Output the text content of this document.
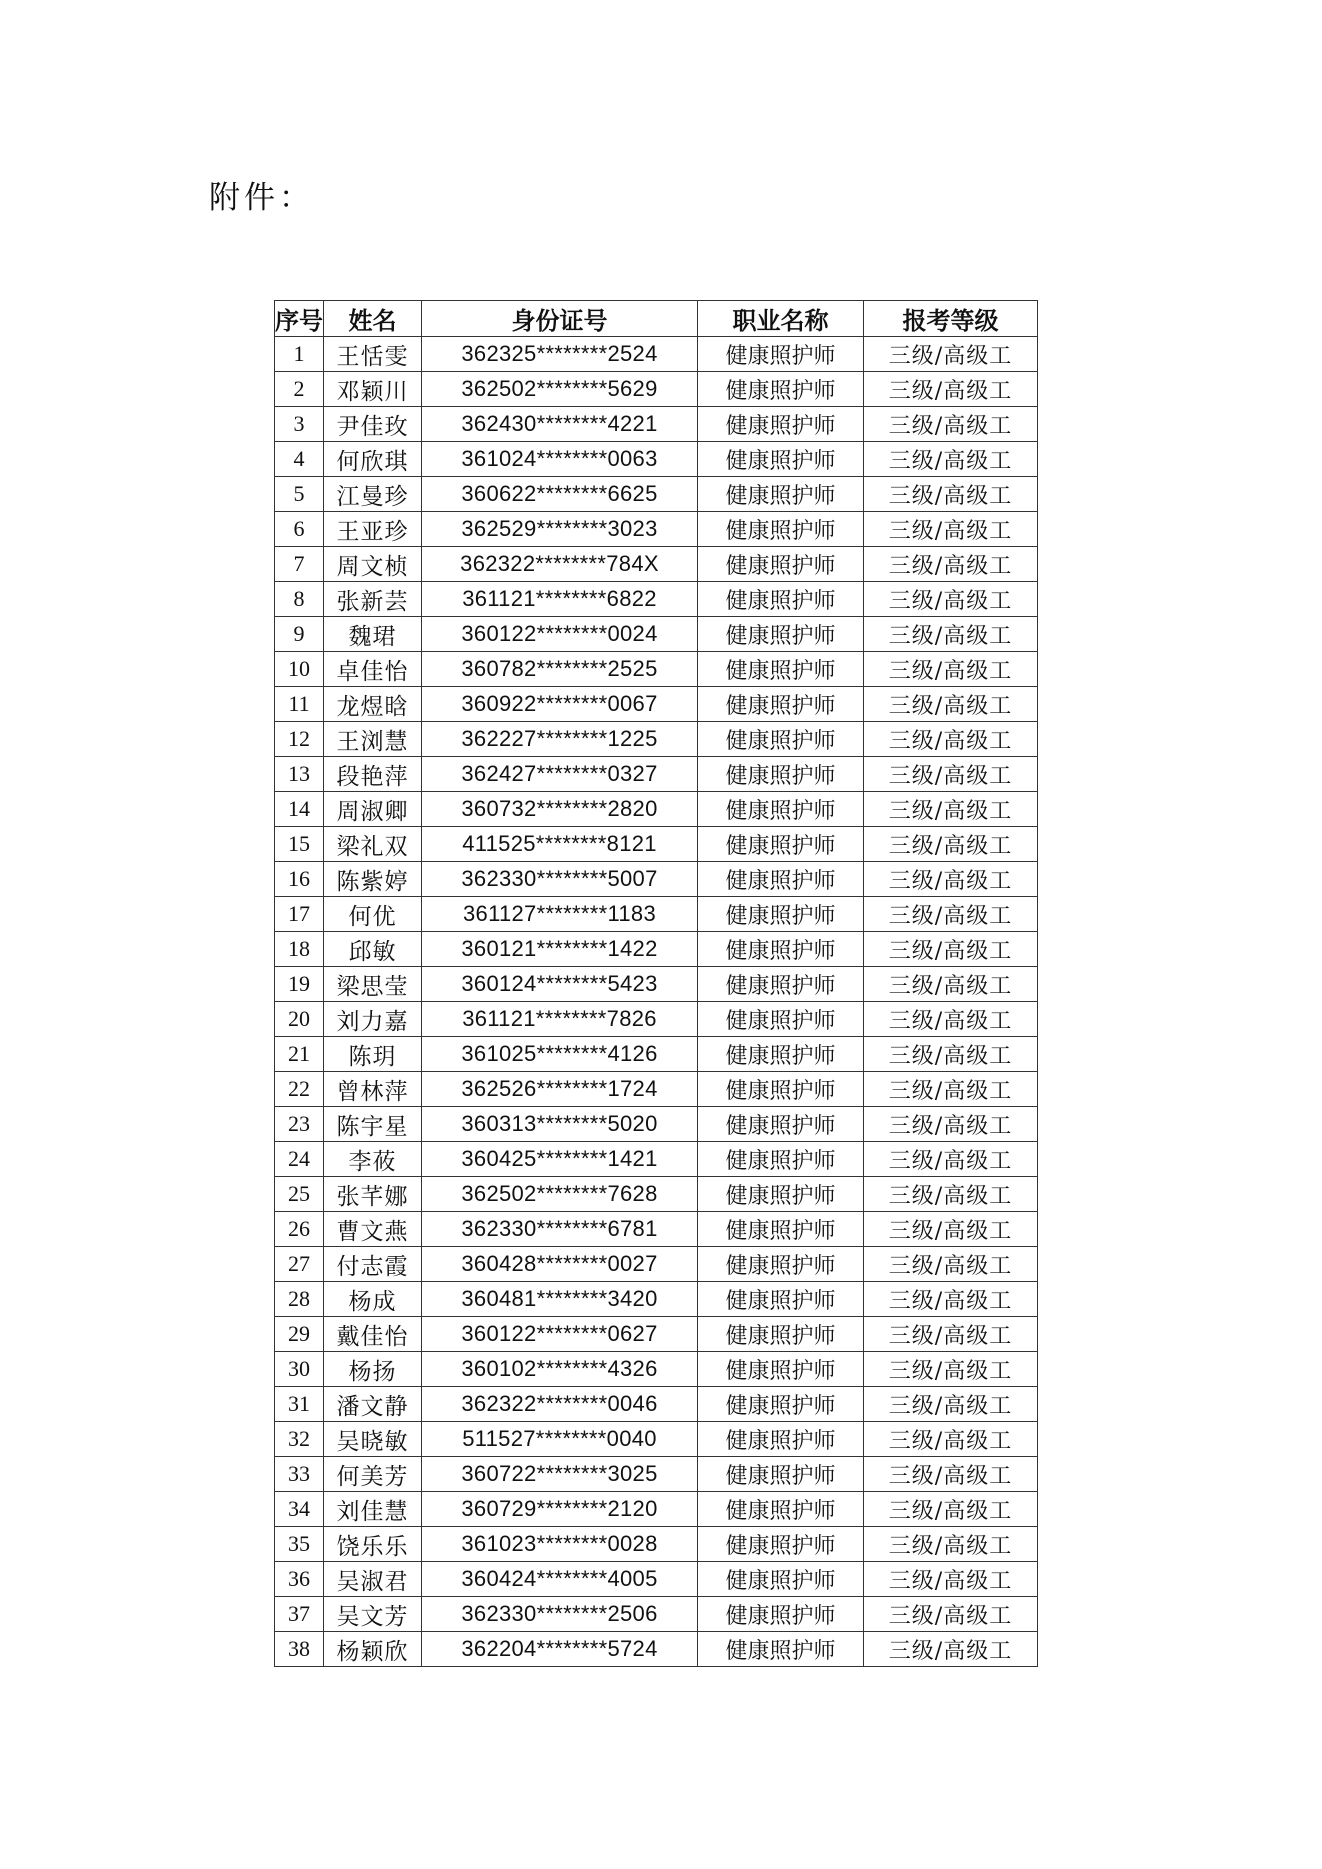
附件：
序号	姓名	身份证号	职业名称	报考等级
1	王恬雯	362325********2524	健康照护师	三级/高级工
2	邓颖川	362502********5629	健康照护师	三级/高级工
3	尹佳玫	362430********4221	健康照护师	三级/高级工
4	何欣琪	361024********0063	健康照护师	三级/高级工
5	江曼珍	360622********6625	健康照护师	三级/高级工
6	王亚珍	362529********3023	健康照护师	三级/高级工
7	周文桢	362322********784X	健康照护师	三级/高级工
8	张新芸	361121********6822	健康照护师	三级/高级工
9	魏珺	360122********0024	健康照护师	三级/高级工
10	卓佳怡	360782********2525	健康照护师	三级/高级工
11	龙煜晗	360922********0067	健康照护师	三级/高级工
12	王浏慧	362227********1225	健康照护师	三级/高级工
13	段艳萍	362427********0327	健康照护师	三级/高级工
14	周淑卿	360732********2820	健康照护师	三级/高级工
15	梁礼双	411525********8121	健康照护师	三级/高级工
16	陈紫婷	362330********5007	健康照护师	三级/高级工
17	何优	361127********1183	健康照护师	三级/高级工
18	邱敏	360121********1422	健康照护师	三级/高级工
19	梁思莹	360124********5423	健康照护师	三级/高级工
20	刘力嘉	361121********7826	健康照护师	三级/高级工
21	陈玥	361025********4126	健康照护师	三级/高级工
22	曾林萍	362526********1724	健康照护师	三级/高级工
23	陈宇星	360313********5020	健康照护师	三级/高级工
24	李莜	360425********1421	健康照护师	三级/高级工
25	张芊娜	362502********7628	健康照护师	三级/高级工
26	曹文燕	362330********6781	健康照护师	三级/高级工
27	付志霞	360428********0027	健康照护师	三级/高级工
28	杨成	360481********3420	健康照护师	三级/高级工
29	戴佳怡	360122********0627	健康照护师	三级/高级工
30	杨扬	360102********4326	健康照护师	三级/高级工
31	潘文静	362322********0046	健康照护师	三级/高级工
32	吴晓敏	511527********0040	健康照护师	三级/高级工
33	何美芳	360722********3025	健康照护师	三级/高级工
34	刘佳慧	360729********2120	健康照护师	三级/高级工
35	饶乐乐	361023********0028	健康照护师	三级/高级工
36	吴淑君	360424********4005	健康照护师	三级/高级工
37	吴文芳	362330********2506	健康照护师	三级/高级工
38	杨颖欣	362204********5724	健康照护师	三级/高级工
